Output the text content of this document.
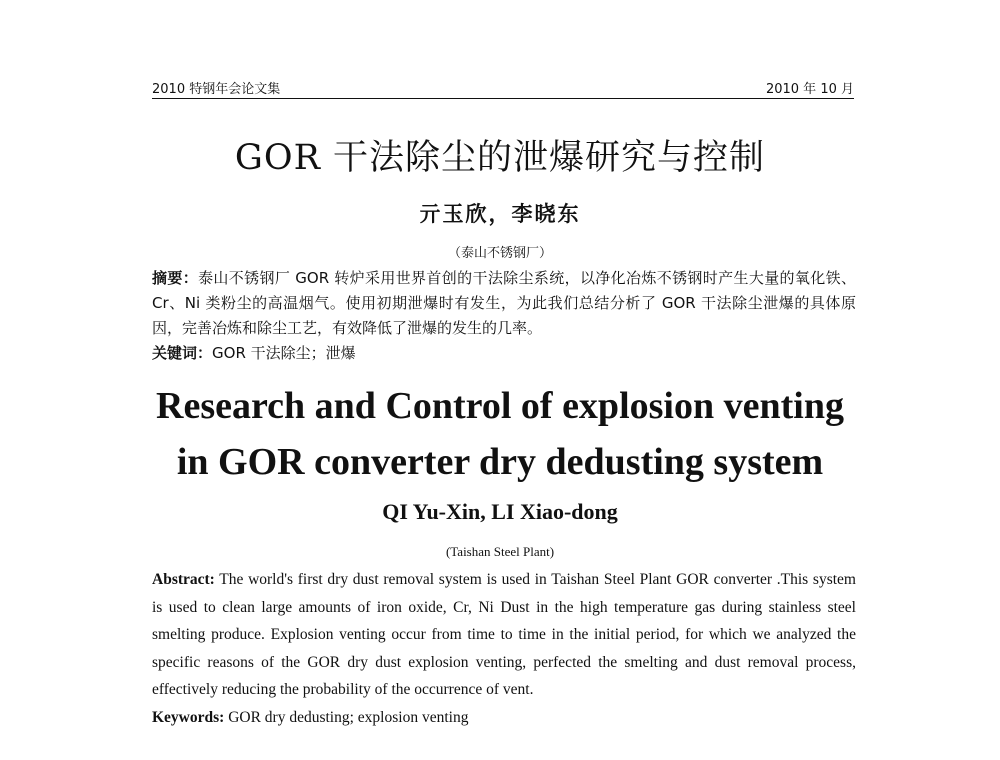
2010 特钢年会论文集	2010 年 10 月
GOR 干法除尘的泄爆研究与控制
亓玉欣，李晓东
（泰山不锈钢厂）

摘要：泰山不锈钢厂 GOR 转炉采用世界首创的干法除尘系统，以净化冶炼不锈钢时产生大量的氧化铁、Cr、Ni 类粉尘的高温烟气。使用初期泄爆时有发生，为此我们总结分析了 GOR 干法除尘泄爆的具体原因，完善冶炼和除尘工艺，有效降低了泄爆的发生的几率。

关键词：GOR 干法除尘；泄爆

Research and Control of explosion venting
in GOR converter dry dedusting system
QI Yu-Xin, LI Xiao-dong
(Taishan Steel Plant)

Abstract: The world's first dry dust removal system is used in Taishan Steel Plant GOR converter .This system is used to clean large amounts of iron oxide, Cr, Ni Dust in the high temperature gas during stainless steel smelting produce. Explosion venting occur from time to time in the initial period, for which we analyzed the specific reasons of the GOR dry dust explosion venting, perfected the smelting and dust removal process, effectively reducing the probability of the occurrence of vent.

Keywords: GOR dry dedusting; explosion venting
